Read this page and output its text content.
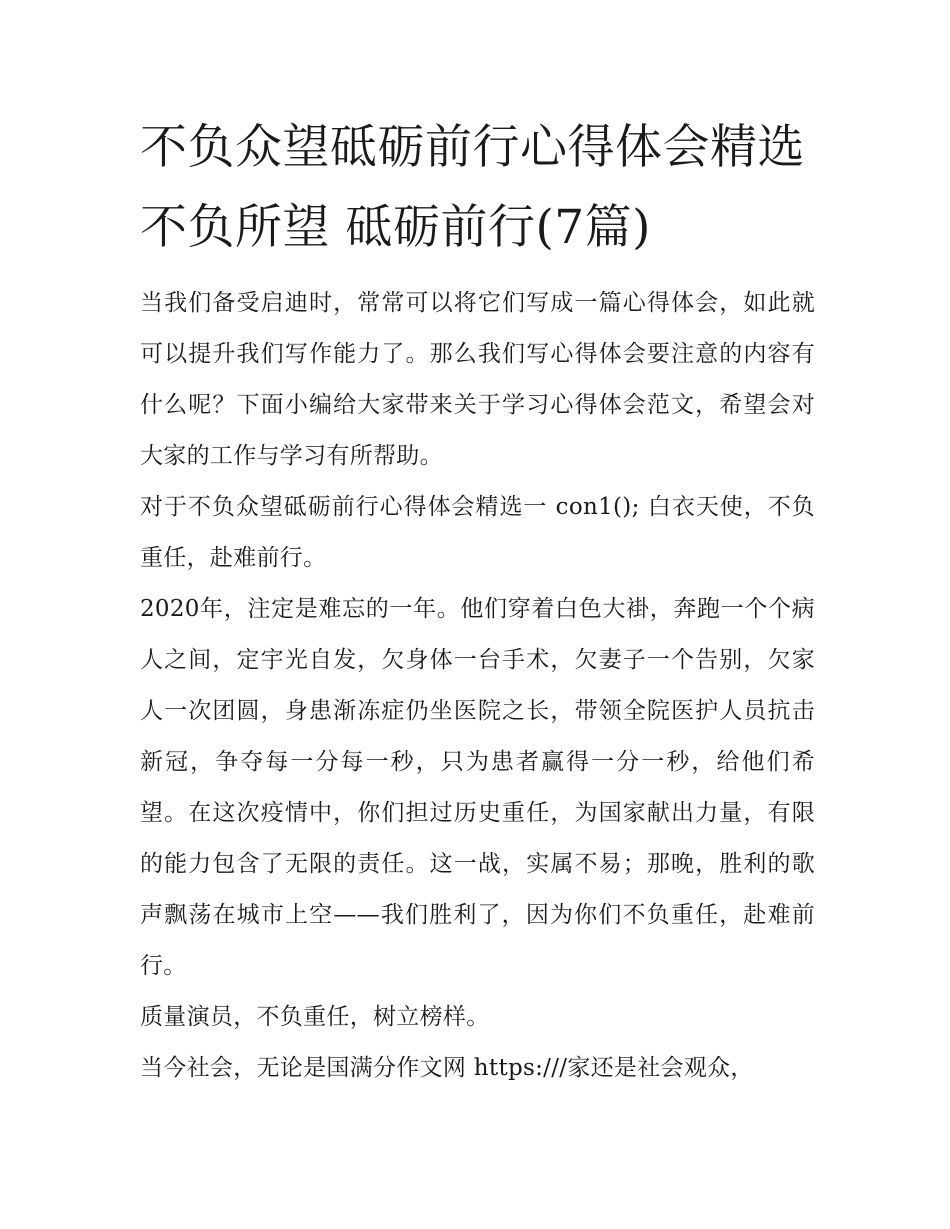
不负众望砥砺前行心得体会精选 不负所望 砥砺前行(7篇)

当我们备受启迪时，常常可以将它们写成一篇心得体会，如此就可以提升我们写作能力了。那么我们写心得体会要注意的内容有什么呢？下面小编给大家带来关于学习心得体会范文，希望会对大家的工作与学习有所帮助。

对于不负众望砥砺前行心得体会精选一 con1(); 白衣天使，不负重任，赴难前行。

2020年，注定是难忘的一年。他们穿着白色大褂，奔跑一个个病人之间，定宇光自发，欠身体一台手术，欠妻子一个告别，欠家人一次团圆，身患渐冻症仍坐医院之长，带领全院医护人员抗击新冠，争夺每一分每一秒，只为患者赢得一分一秒，给他们希望。在这次疫情中，你们担过历史重任，为国家献出力量，有限的能力包含了无限的责任。这一战，实属不易；那晚，胜利的歌声飘荡在城市上空——我们胜利了，因为你们不负重任，赴难前行。

质量演员，不负重任，树立榜样。

当今社会，无论是国满分作文网 https:///家还是社会观众，
